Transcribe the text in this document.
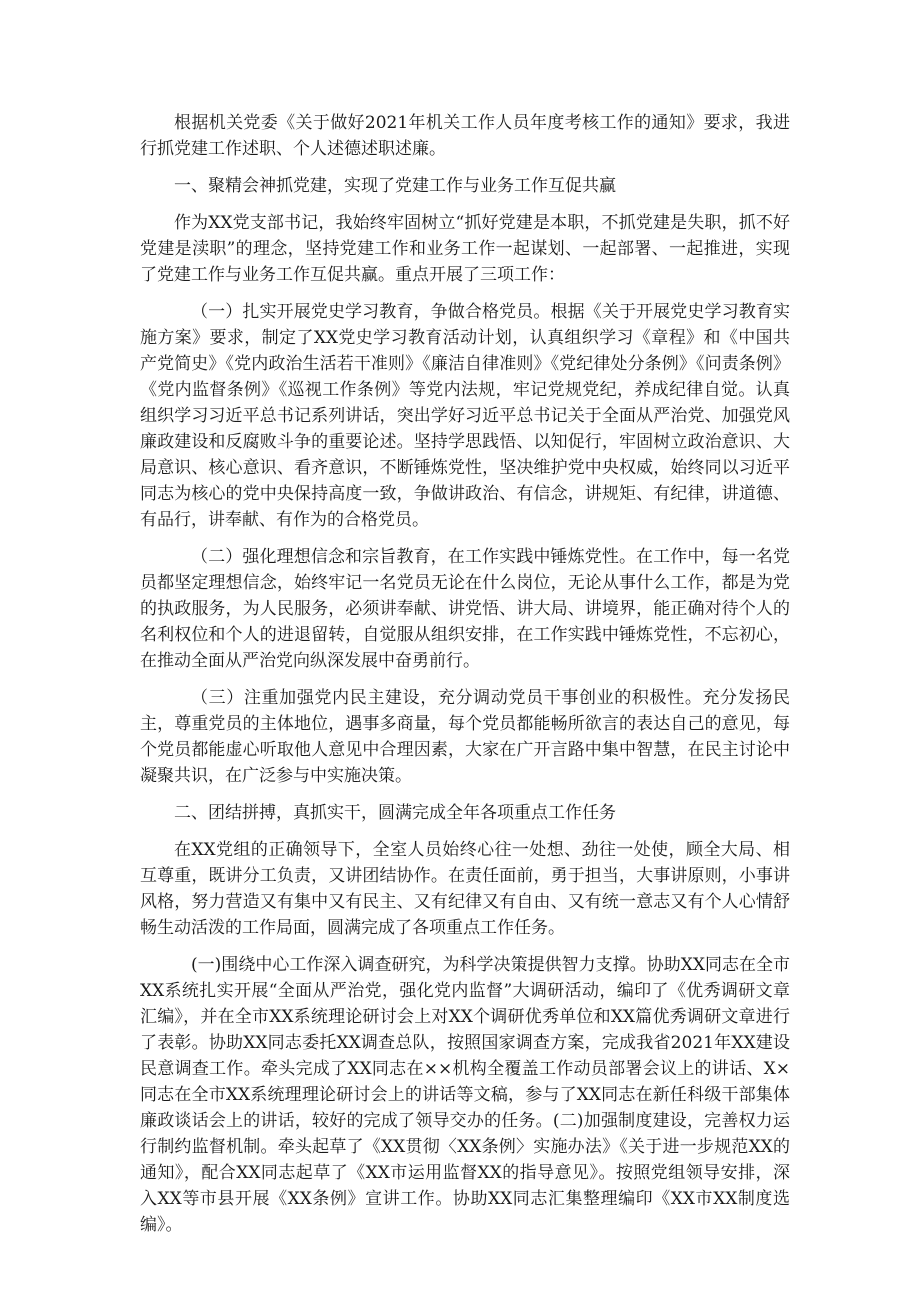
根据机关党委《关于做好2021年机关工作人员年度考核工作的通知》要求，我进行抓党建工作述职、个人述德述职述廉。

一、聚精会神抓党建，实现了党建工作与业务工作互促共赢

作为XX党支部书记，我始终牢固树立“抓好党建是本职，不抓党建是失职，抓不好党建是渎职”的理念，坚持党建工作和业务工作一起谋划、一起部署、一起推进，实现了党建工作与业务工作互促共赢。重点开展了三项工作：

（一）扎实开展党史学习教育，争做合格党员。根据《关于开展党史学习教育实施方案》要求，制定了XX党史学习教育活动计划，认真组织学习《章程》和《中国共产党简史》《党内政治生活若干准则》《廉洁自律准则》《党纪律处分条例》《问责条例》《党内监督条例》《巡视工作条例》等党内法规，牢记党规党纪，养成纪律自觉。认真组织学习习近平总书记系列讲话，突出学好习近平总书记关于全面从严治党、加强党风廉政建设和反腐败斗争的重要论述。坚持学思践悟、以知促行，牢固树立政治意识、大局意识、核心意识、看齐意识，不断锤炼党性，坚决维护党中央权威，始终同以习近平同志为核心的党中央保持高度一致，争做讲政治、有信念，讲规矩、有纪律，讲道德、有品行，讲奉献、有作为的合格党员。

（二）强化理想信念和宗旨教育，在工作实践中锤炼党性。在工作中，每一名党员都坚定理想信念，始终牢记一名党员无论在什么岗位，无论从事什么工作，都是为党的执政服务，为人民服务，必须讲奉献、讲党悟、讲大局、讲境界，能正确对待个人的名利权位和个人的进退留转，自觉服从组织安排，在工作实践中锤炼党性，不忘初心，在推动全面从严治党向纵深发展中奋勇前行。

（三）注重加强党内民主建设，充分调动党员干事创业的积极性。充分发扬民主，尊重党员的主体地位，遇事多商量，每个党员都能畅所欲言的表达自己的意见，每个党员都能虚心听取他人意见中合理因素，大家在广开言路中集中智慧，在民主讨论中凝聚共识，在广泛参与中实施决策。

二、团结拼搏，真抓实干，圆满完成全年各项重点工作任务

在XX党组的正确领导下，全室人员始终心往一处想、劲往一处使，顾全大局、相互尊重，既讲分工负责，又讲团结协作。在责任面前，勇于担当，大事讲原则，小事讲风格，努力营造又有集中又有民主、又有纪律又有自由、又有统一意志又有个人心情舒畅生动活泼的工作局面，圆满完成了各项重点工作任务。

(一)围绕中心工作深入调查研究，为科学决策提供智力支撑。协助XX同志在全市XX系统扎实开展“全面从严治党，强化党内监督”大调研活动，编印了《优秀调研文章汇编》，并在全市XX系统理论研讨会上对XX个调研优秀单位和XX篇优秀调研文章进行了表彰。协助XX同志委托XX调查总队，按照国家调查方案，完成我省2021年XX建设民意调查工作。牵头完成了XX同志在××机构全覆盖工作动员部署会议上的讲话、X×同志在全市XX系统理理论研讨会上的讲话等文稿，参与了XX同志在新任科级干部集体廉政谈话会上的讲话，较好的完成了领导交办的任务。(二)加强制度建设，完善权力运行制约监督机制。牵头起草了《XX贯彻〈XX条例〉实施办法》《关于进一步规范XX的通知》，配合XX同志起草了《XX市运用监督XX的指导意见》。按照党组领导安排，深入XX等市县开展《XX条例》宣讲工作。协助XX同志汇集整理编印《XX市XX制度选编》。
